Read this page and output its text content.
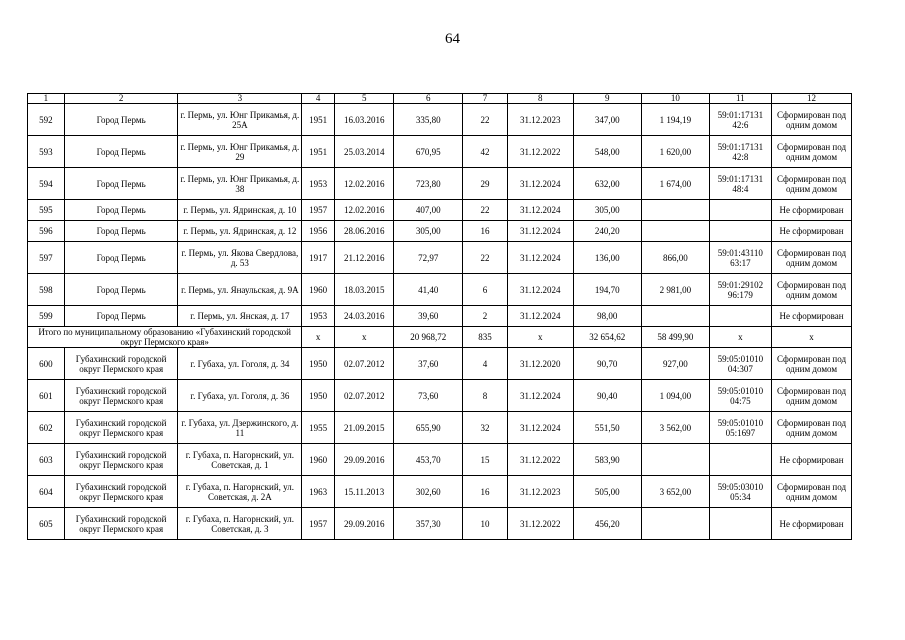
64
1	2	3	4	5	6	7	8	9	10	11	12
592	Город Пермь	г. Пермь, ул. Юнг Прикамья, д. 25А	1951	16.03.2016	335,80	22	31.12.2023	347,00	1 194,19	59:01:17131 42:6	Сформирован под одним домом
593	Город Пермь	г. Пермь, ул. Юнг Прикамья, д. 29	1951	25.03.2014	670,95	42	31.12.2022	548,00	1 620,00	59:01:17131 42:8	Сформирован под одним домом
594	Город Пермь	г. Пермь, ул. Юнг Прикамья, д. 38	1953	12.02.2016	723,80	29	31.12.2024	632,00	1 674,00	59:01:17131 48:4	Сформирован под одним домом
595	Город Пермь	г. Пермь, ул. Ядринская, д. 10	1957	12.02.2016	407,00	22	31.12.2024	305,00			Не сформирован
596	Город Пермь	г. Пермь, ул. Ядринская, д. 12	1956	28.06.2016	305,00	16	31.12.2024	240,20			Не сформирован
597	Город Пермь	г. Пермь, ул. Якова Свердлова, д. 53	1917	21.12.2016	72,97	22	31.12.2024	136,00	866,00	59:01:43110 63:17	Сформирован под одним домом
598	Город Пермь	г. Пермь, ул. Янаульская, д. 9А	1960	18.03.2015	41,40	6	31.12.2024	194,70	2 981,00	59:01:29102 96:179	Сформирован под одним домом
599	Город Пермь	г. Пермь, ул. Янская, д. 17	1953	24.03.2016	39,60	2	31.12.2024	98,00			Не сформирован
Итого по муниципальному образованию «Губахинский городской округ Пермского края»			x	x	20 968,72	835	x	32 654,62	58 499,90	x	x
600	Губахинский городской округ Пермского края	г. Губаха, ул. Гоголя, д. 34	1950	02.07.2012	37,60	4	31.12.2020	90,70	927,00	59:05:01010 04:307	Сформирован под одним домом
601	Губахинский городской округ Пермского края	г. Губаха, ул. Гоголя, д. 36	1950	02.07.2012	73,60	8	31.12.2024	90,40	1 094,00	59:05:01010 04:75	Сформирован под одним домом
602	Губахинский городской округ Пермского края	г. Губаха, ул. Дзержинского, д. 11	1955	21.09.2015	655,90	32	31.12.2024	551,50	3 562,00	59:05:01010 05:1697	Сформирован под одним домом
603	Губахинский городской округ Пермского края	г. Губаха, п. Нагорнский, ул. Советская, д. 1	1960	29.09.2016	453,70	15	31.12.2022	583,90			Не сформирован
604	Губахинский городской округ Пермского края	г. Губаха, п. Нагорнский, ул. Советская, д. 2А	1963	15.11.2013	302,60	16	31.12.2023	505,00	3 652,00	59:05:03010 05:34	Сформирован под одним домом
605	Губахинский городской округ Пермского края	г. Губаха, п. Нагорнский, ул. Советская, д. 3	1957	29.09.2016	357,30	10	31.12.2022	456,20			Не сформирован
